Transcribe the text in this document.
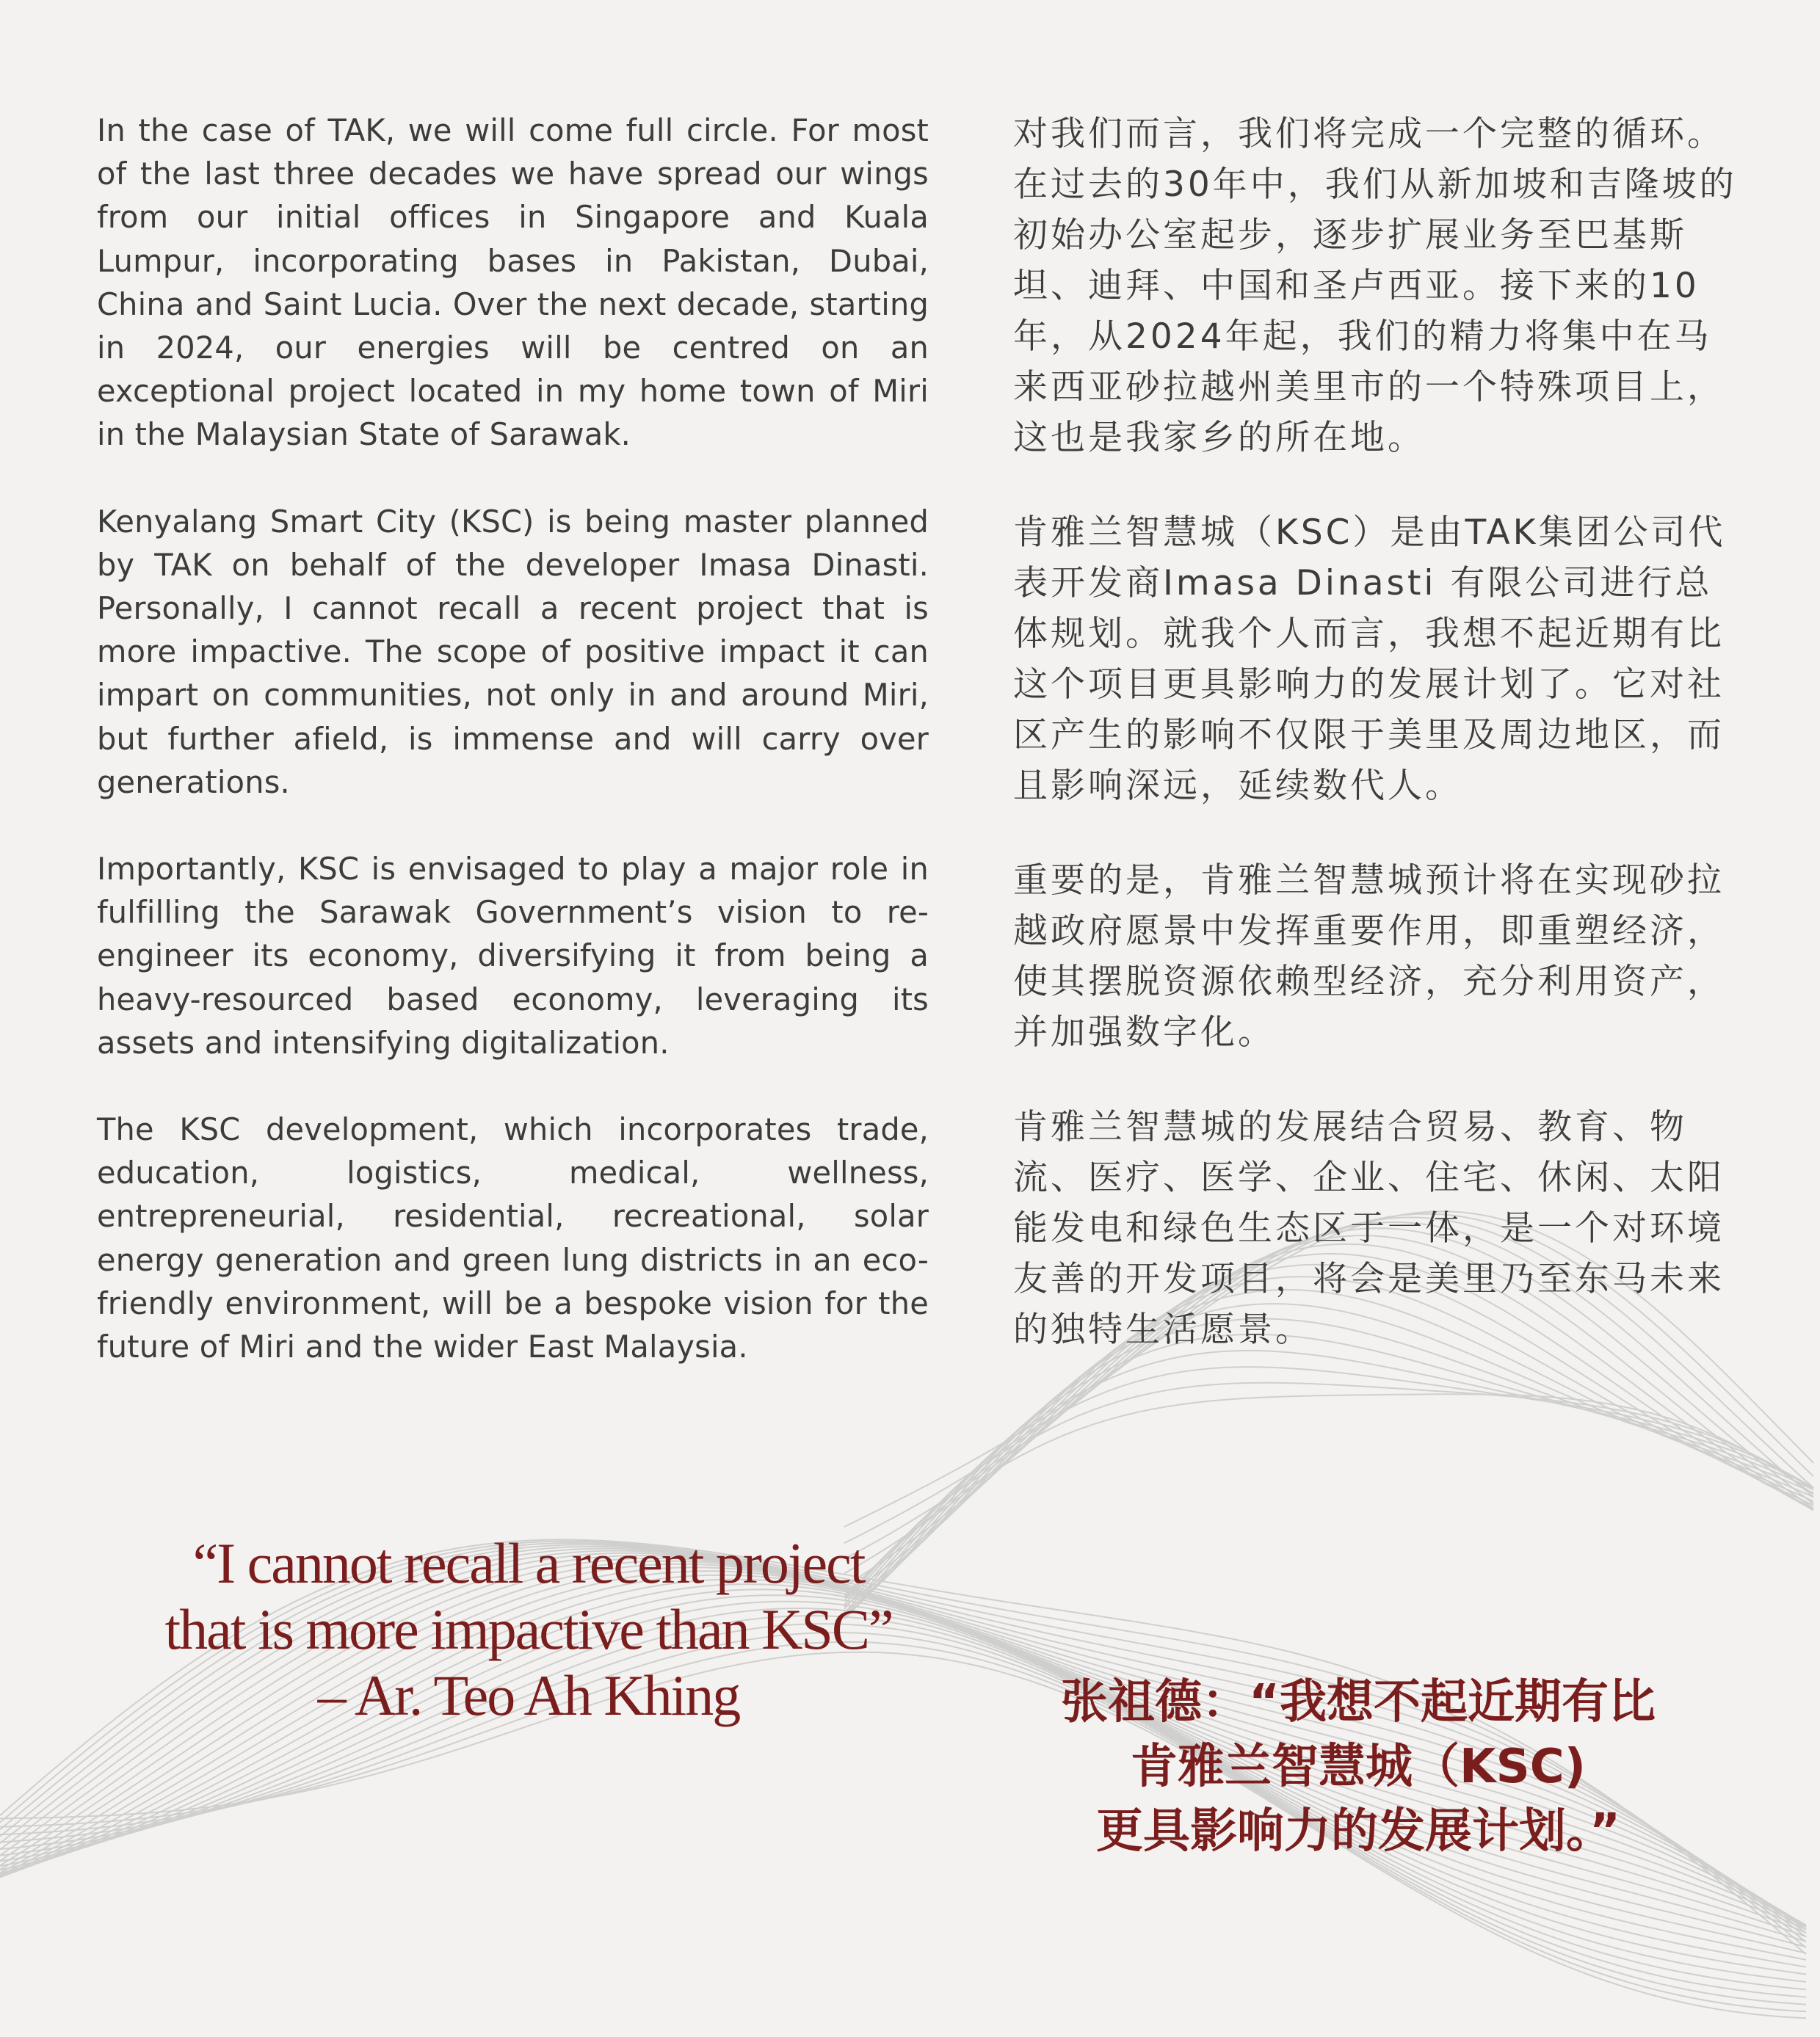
In the case of TAK, we will come full circle. For most of the last three decades we have spread our wings from our initial offices in Singapore and Kuala Lumpur, incorporating bases in Pakistan, Dubai, China and Saint Lucia. Over the next decade, starting in 2024, our energies will be centred on an exceptional project located in my home town of Miri in the Malaysian State of Sarawak.

Kenyalang Smart City (KSC) is being master planned by TAK on behalf of the developer Imasa Dinasti. Personally, I cannot recall a recent project that is more impactive. The scope of positive impact it can impart on communities, not only in and around Miri, but further afield, is immense and will carry over generations.

Importantly, KSC is envisaged to play a major role in fulfilling the Sarawak Government’s vision to re-engineer its economy, diversifying it from being a heavy-resourced based economy, leveraging its assets and intensifying digitalization.

The KSC development, which incorporates trade, education, logistics, medical, wellness, entrepreneurial, residential, recreational, solar energy generation and green lung districts in an eco-friendly environment, will be a bespoke vision for the future of Miri and the wider East Malaysia.

对我们而言，我们将完成一个完整的循环。在过去的30年中，我们从新加坡和吉隆坡的初始办公室起步，逐步扩展业务至巴基斯坦、迪拜、中国和圣卢西亚。接下来的10年，从2024年起，我们的精力将集中在马来西亚砂拉越州美里市的一个特殊项目上，这也是我家乡的所在地。

肯雅兰智慧城（KSC）是由TAK集团公司代表开发商Imasa Dinasti 有限公司进行总体规划。就我个人而言，我想不起近期有比这个项目更具影响力的发展计划了。它对社区产生的影响不仅限于美里及周边地区，而且影响深远，延续数代人。

重要的是，肯雅兰智慧城预计将在实现砂拉越政府愿景中发挥重要作用，即重塑经济，使其摆脱资源依赖型经济，充分利用资产，并加强数字化。

肯雅兰智慧城的发展结合贸易、教育、物流、医疗、医学、企业、住宅、休闲、太阳能发电和绿色生态区于一体，是一个对环境友善的开发项目，将会是美里乃至东马未来的独特生活愿景。

“I cannot recall a recent project
that is more impactive than KSC”
– Ar. Teo Ah Khing	张祖德：“我想不起近期有比
肯雅兰智慧城（KSC)
更具影响力的发展计划。”
